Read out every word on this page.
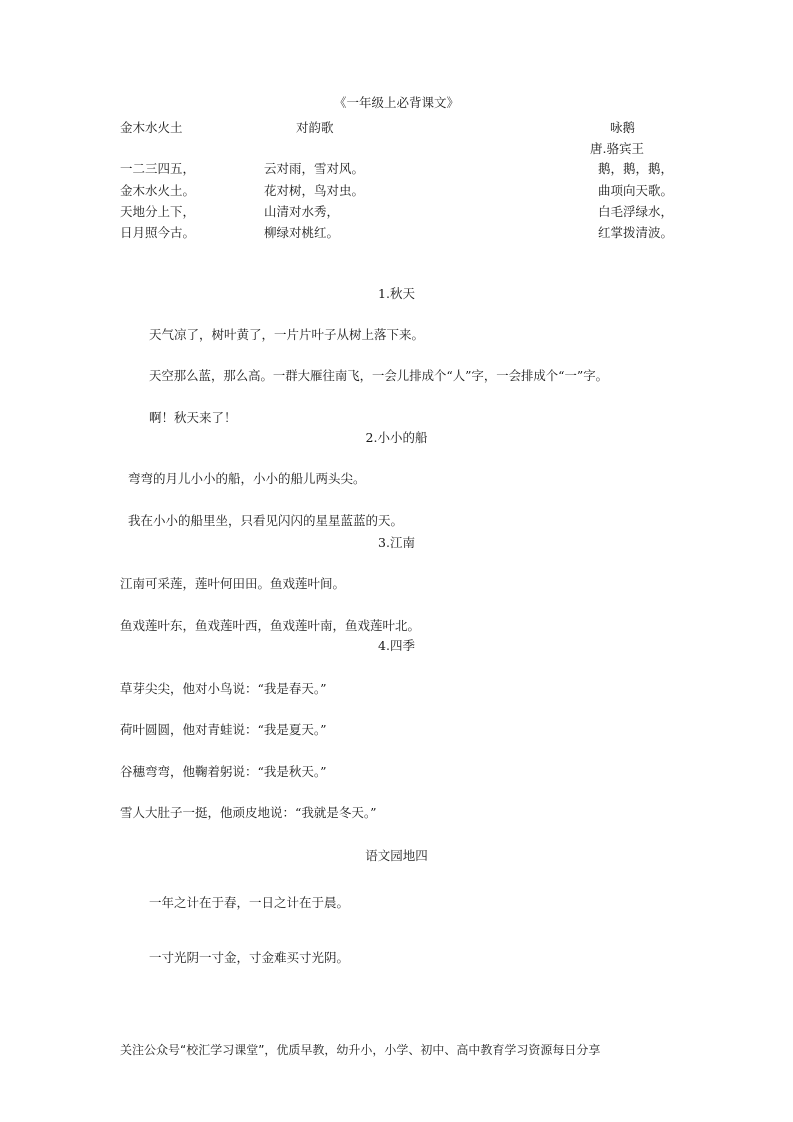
《一年级上必背课文》
金木水火土	对韵歌	咏鹅
唐.骆宾王
一二三四五，
金木水火土。
天地分上下，
日月照今古。
云对雨，雪对风。
花对树，鸟对虫。
山清对水秀，
柳绿对桃红。
鹅，鹅，鹅，
曲项向天歌。
白毛浮绿水，
红掌拨清波。
1.秋天
天气凉了，树叶黄了，一片片叶子从树上落下来。
天空那么蓝，那么高。一群大雁往南飞，一会儿排成个“人”字，一会排成个“一”字。
啊！秋天来了！
2.小小的船
弯弯的月儿小小的船，小小的船儿两头尖。
我在小小的船里坐，只看见闪闪的星星蓝蓝的天。
3.江南
江南可采莲，莲叶何田田。鱼戏莲叶间。
鱼戏莲叶东，鱼戏莲叶西，鱼戏莲叶南，鱼戏莲叶北。
4.四季
草芽尖尖，他对小鸟说：“我是春天。”
荷叶圆圆，他对青蛙说：“我是夏天。”
谷穗弯弯，他鞠着躬说：“我是秋天。”
雪人大肚子一挺，他顽皮地说：“我就是冬天。”
语文园地四
一年之计在于春，一日之计在于晨。
一寸光阴一寸金，寸金难买寸光阴。
关注公众号“校汇学习课堂”，优质早教，幼升小，小学、初中、高中教育学习资源每日分享
